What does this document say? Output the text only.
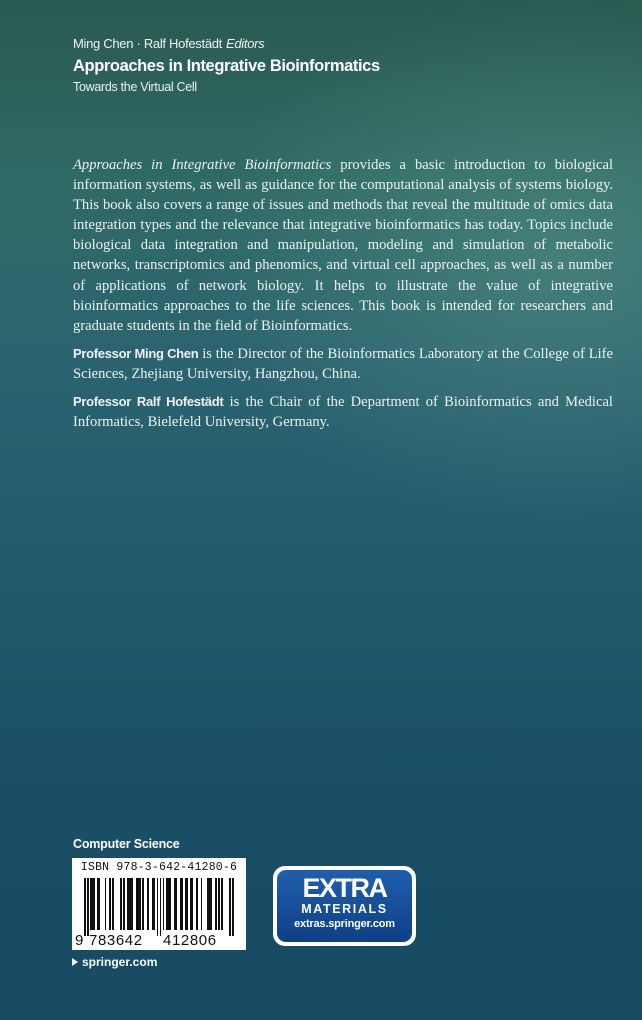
Ming Chen · Ralf Hofestädt Editors
Approaches in Integrative Bioinformatics
Towards the Virtual Cell

Approaches in Integrative Bioinformatics provides a basic introduction to biological information systems, as well as guidance for the computational analysis of systems biology. This book also covers a range of issues and methods that reveal the multitude of omics data integration types and the relevance that integrative bioinformatics has today. Topics include biological data integration and manipulation, modeling and simulation of metabolic networks, transcriptomics and phenomics, and virtual cell approaches, as well as a number of applications of network biology. It helps to illustrate the value of integrative bioinformatics approaches to the life sciences. This book is intended for researchers and graduate students in the field of Bioinformatics.

Professor Ming Chen is the Director of the Bioinformatics Laboratory at the College of Life Sciences, Zhejiang University, Hangzhou, China.

Professor Ralf Hofestädt is the Chair of the Department of Bioinformatics and Medical Informatics, Bielefeld University, Germany.

Computer Science
ISBN 978-3-642-41280-6
9 783642 412806
springer.com
EXTRA
MATERIALS
extras.springer.com
